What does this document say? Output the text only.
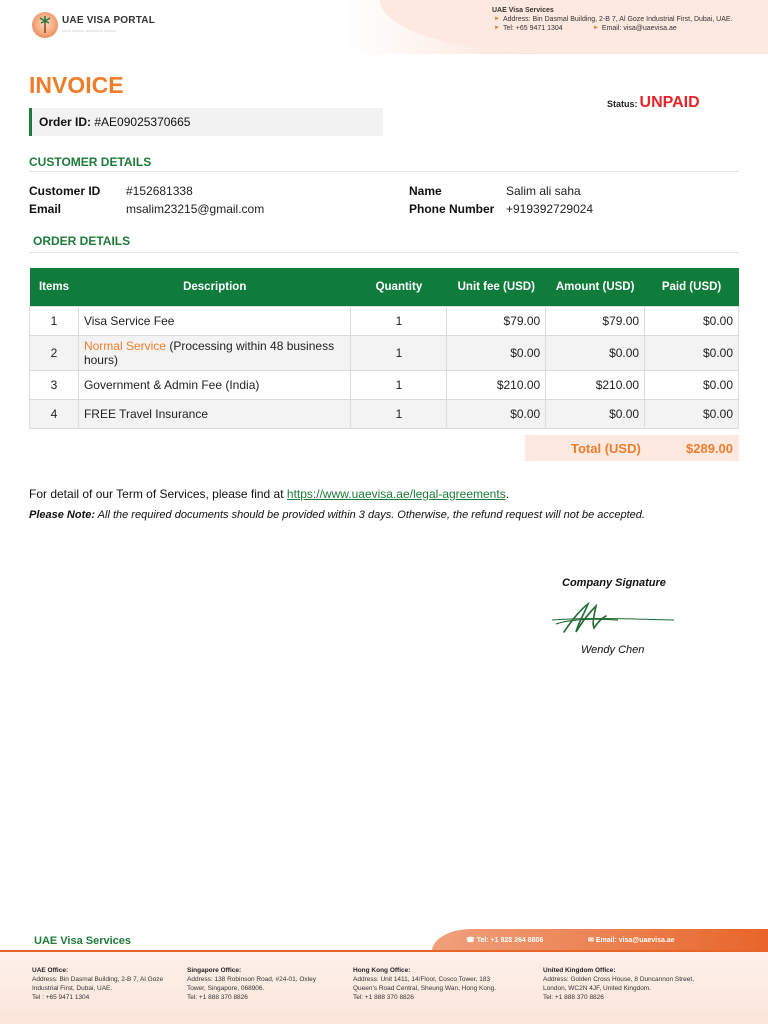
UAE VISA PORTAL
~~~ ~~~~ ~~~~~~ ~~~~
UAE Visa Services
► Address: Bin Dasmal Building, 2-B 7, Al Goze Industrial First, Dubai, UAE.
► Tel: +65 9471 1304	► Email: visa@uaevisa.ae
INVOICE
Order ID: #AE09025370665
Status: UNPAID
CUSTOMER DETAILS
Customer ID #152681338
Email	msalim23215@gmail.com
Name	Salim ali saha
Phone Number +919392729024
ORDER DETAILS
Items	Description	Quantity	Unit fee (USD)	Amount (USD)	Paid (USD)
1	Visa Service Fee	1	$79.00	$79.00	$0.00
2	Normal Service (Processing within 48 business hours)	1	$0.00	$0.00	$0.00
3	Government & Admin Fee (India)	1	$210.00	$210.00	$0.00
4	FREE Travel Insurance	1	$0.00	$0.00	$0.00
Total (USD)	$289.00
For detail of our Term of Services, please find at https://www.uaevisa.ae/legal-agreements.
Please Note: All the required documents should be provided within 3 days. Otherwise, the refund request will not be accepted.
Company Signature
Wendy Chen
UAE Visa Services	☎ Tel: +1 928 264 8806	✉ Email: visa@uaevisa.ae
UAE Office:
Address: Bin Dasmal Building, 2-B 7, Al Goze
Industrial First, Dubai, UAE.
Tel : +65 9471 1304
Singapore Office:
Address: 138 Robinson Road, #24-01, Oxley
Tower, Singapore, 068906.
Tel: +1 888 370 8826
Hong Kong Office:
Address: Unit 1411, 14/Floor, Cosco Tower, 183
Queen's Road Central, Sheung Wan, Hong Kong.
Tel: +1 888 370 8826
United Kingdom Office:
Address: Golden Cross House, 8 Duncannon Street,
London, WC2N 4JF, United Kingdom.
Tel: +1 888 370 8826
